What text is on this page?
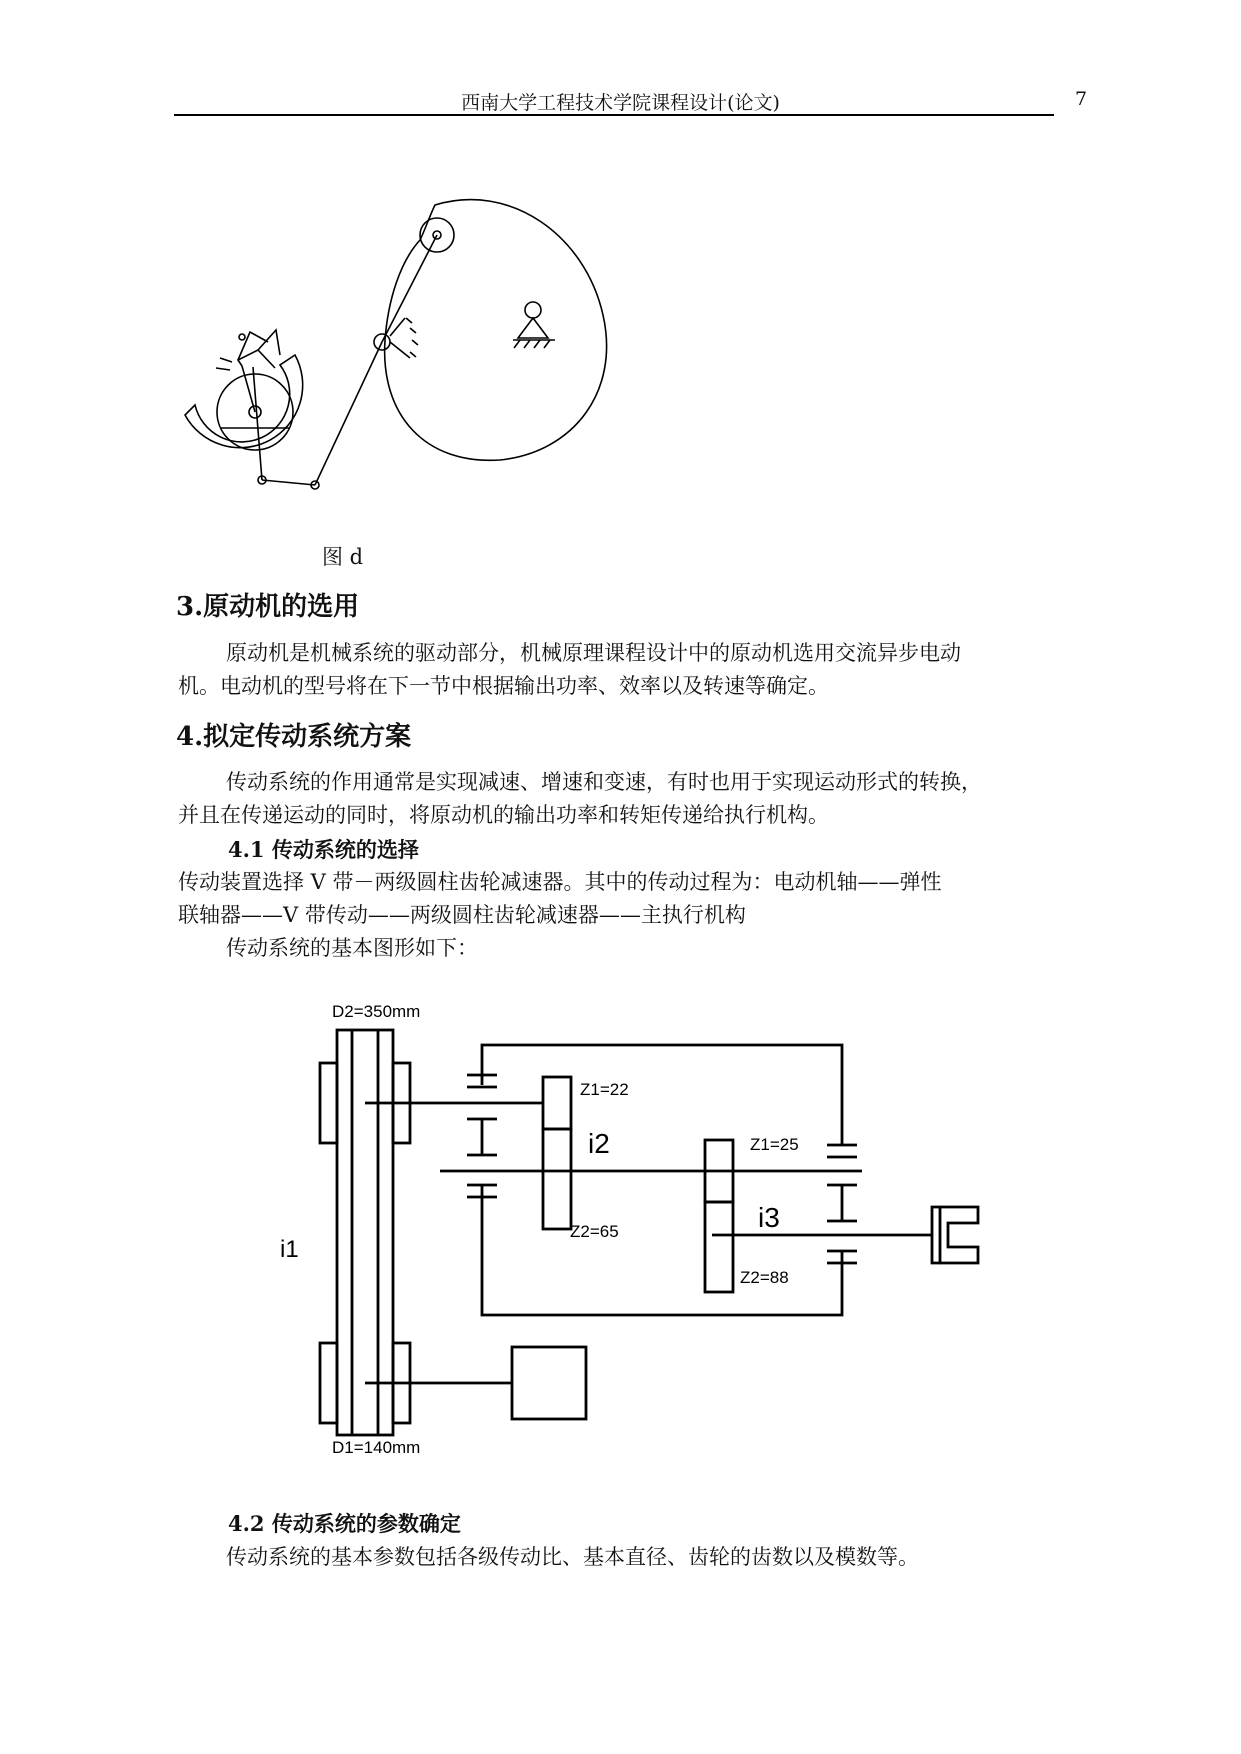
西南大学工程技术学院课程设计(论文)	7
图 d
3.原动机的选用
原动机是机械系统的驱动部分，机械原理课程设计中的原动机选用交流异步电动
机。电动机的型号将在下一节中根据输出功率、效率以及转速等确定。
4.拟定传动系统方案
传动系统的作用通常是实现减速、增速和变速，有时也用于实现运动形式的转换，
并且在传递运动的同时，将原动机的输出功率和转矩传递给执行机构。
4.1 传动系统的选择
传动装置选择 V 带－两级圆柱齿轮减速器。其中的传动过程为：电动机轴——弹性
联轴器——V 带传动——两级圆柱齿轮减速器——主执行机构
传动系统的基本图形如下：
D2=350mm
D1=140mm
i1
Z1=22
Z2=65
i2	Z1=25
Z2=88
i3
4.2 传动系统的参数确定
传动系统的基本参数包括各级传动比、基本直径、齿轮的齿数以及模数等。
